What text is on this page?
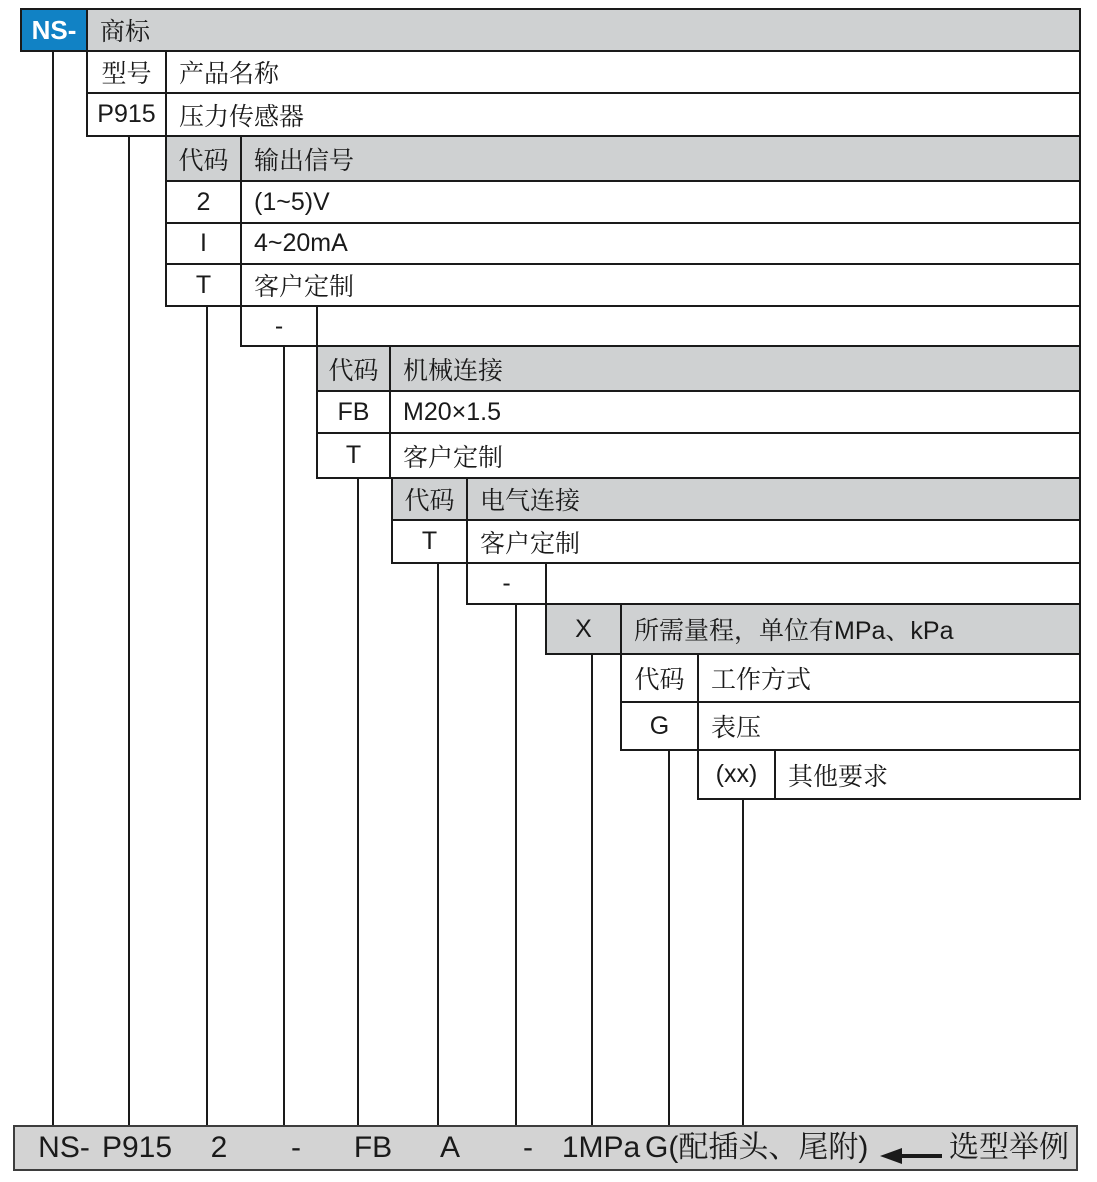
NS- 商标
型号	产品名称
P915 压力传感器
代码	输出信号
2	(1~5)V
I	4~20mA
T	客户定制
-
代码 机械连接
FB	M20×1.5
T	客户定制
代码	电气连接
T	客户定制
-
X	所需量程，单位有MPa、kPa
代码	工作方式
G	表压
(xx)	其他要求
NS- P915 2 - FB A - 1MPa G(配插头、尾附)	选型举例
